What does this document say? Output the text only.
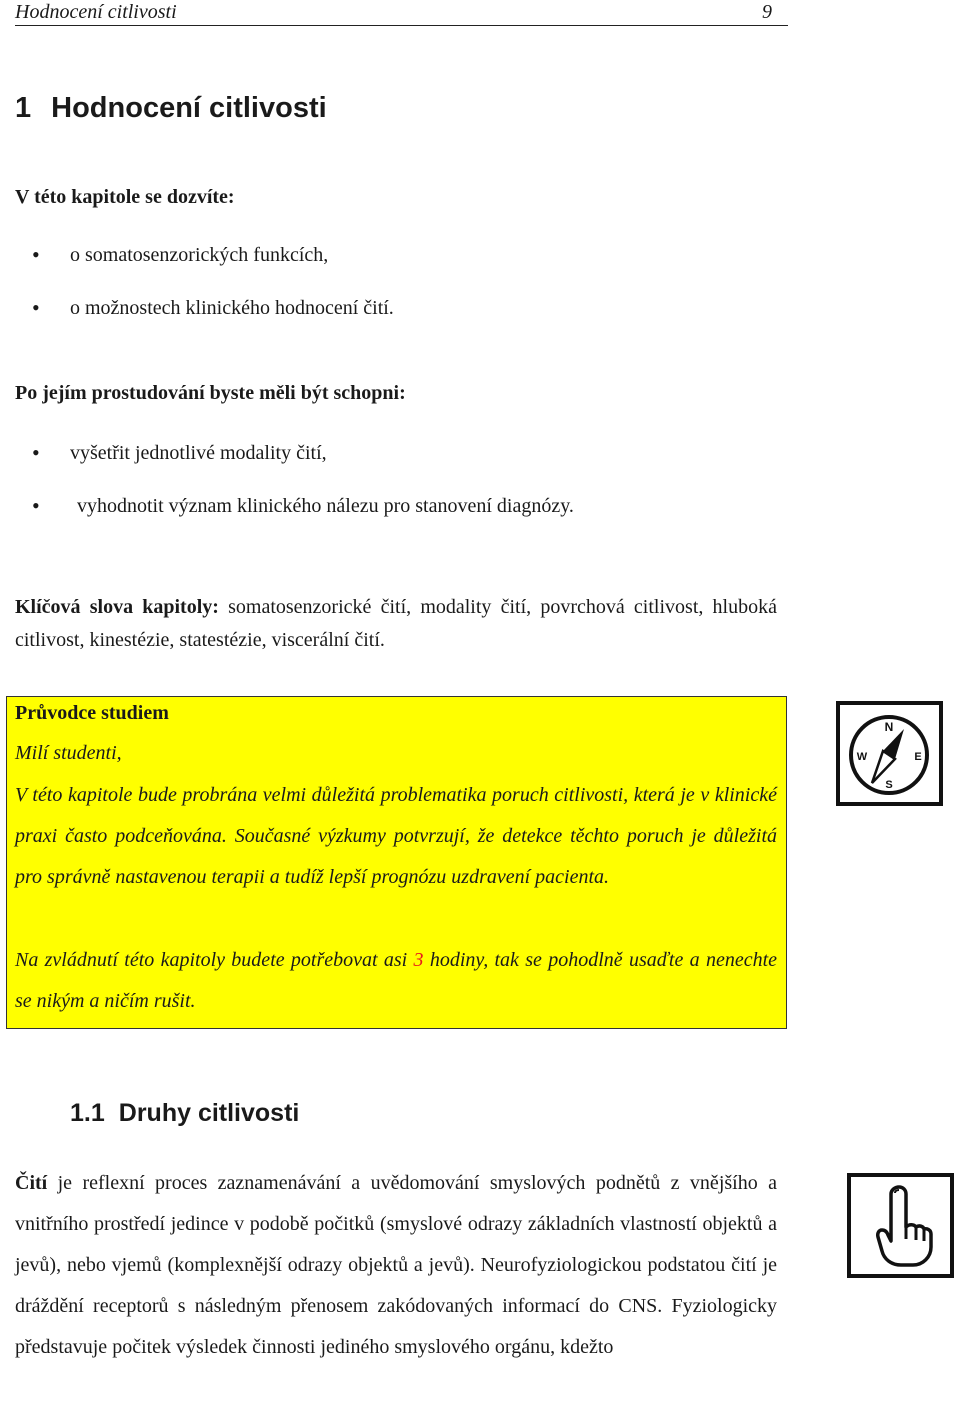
Hodnocení citlivosti	9
1 Hodnocení citlivosti
V této kapitole se dozvíte:
• o somatosenzorických funkcích,
• o možnostech klinického hodnocení čití.
Po jejím prostudování byste měli být schopni:
• vyšetřit jednotlivé modality čití,
• vyhodnotit význam klinického nálezu pro stanovení diagnózy.
Klíčová slova kapitoly: somatosenzorické čití, modality čití, povrchová citlivost, hluboká citlivost, kinestézie, statestézie, viscerální čití.
Průvodce studiem
Milí studenti,
V této kapitole bude probrána velmi důležitá problematika poruch citlivosti, která je v klinické praxi často podceňována. Současné výzkumy potvrzují, že detekce těchto poruch je důležitá pro správně nastavenou terapii a tudíž lepší prognózu uzdravení pacienta.
Na zvládnutí této kapitoly budete potřebovat asi 3 hodiny, tak se pohodlně usaďte a nenechte se nikým a ničím rušit.
N
E
S
W
1.1 Druhy citlivosti
Čití je reflexní proces zaznamenávání a uvědomování smyslových podnětů z vnějšího a vnitřního prostředí jedince v podobě počitků (smyslové odrazy základních vlastností objektů a jevů), nebo vjemů (komplexnější odrazy objektů a jevů). Neurofyziologickou podstatou čití je dráždění receptorů s následným přenosem zakódovaných informací do CNS. Fyziologicky představuje počitek výsledek činnosti jediného smyslového orgánu, kdežto
